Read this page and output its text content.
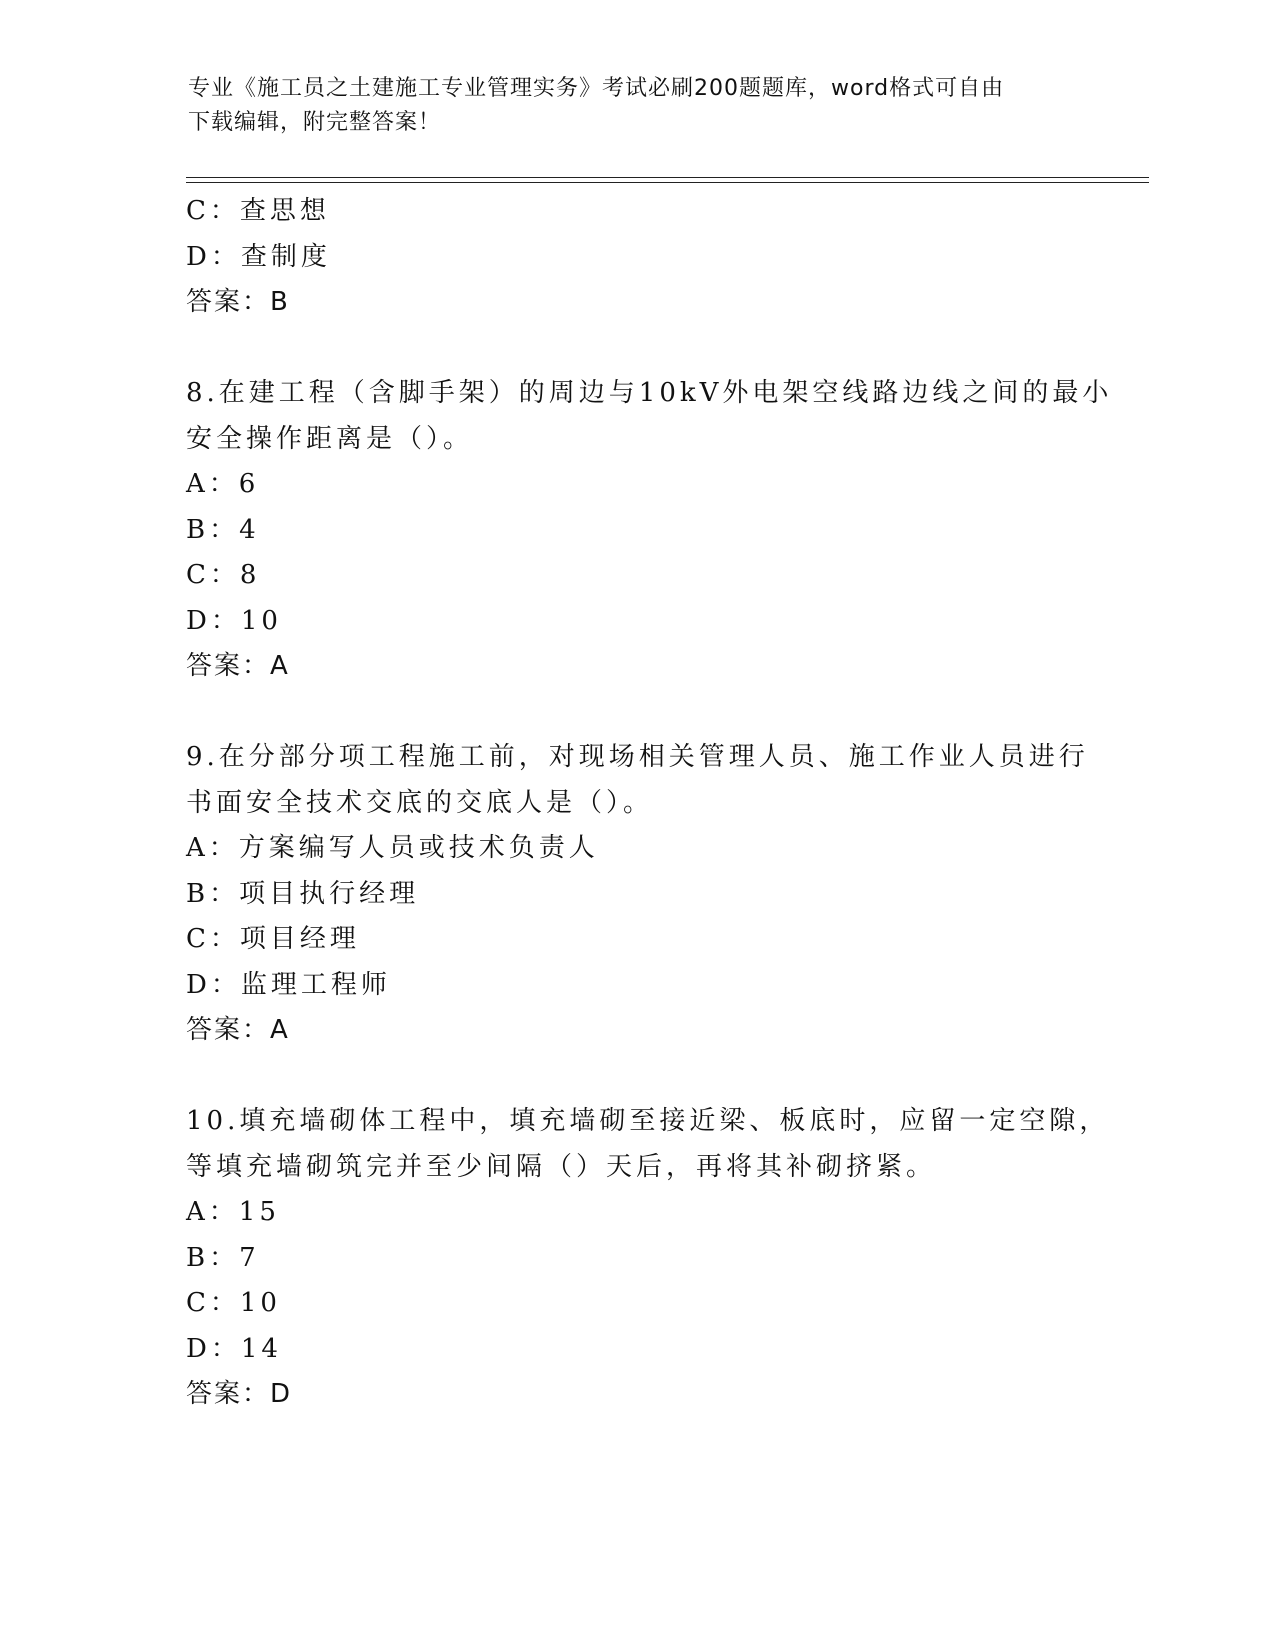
专业《施工员之土建施工专业管理实务》考试必刷200题题库，word格式可自由
下载编辑，附完整答案！
C：查思想
D：查制度
答案：B
8.在建工程（含脚手架）的周边与10kV外电架空线路边线之间的最小
安全操作距离是（）。
A：6
B：4
C：8
D：10
答案：A
9.在分部分项工程施工前，对现场相关管理人员、施工作业人员进行
书面安全技术交底的交底人是（）。
A：方案编写人员或技术负责人
B：项目执行经理
C：项目经理
D：监理工程师
答案：A
10.填充墙砌体工程中，填充墙砌至接近梁、板底时，应留一定空隙，
等填充墙砌筑完并至少间隔（）天后，再将其补砌挤紧。
A：15
B：7
C：10
D：14
答案：D
